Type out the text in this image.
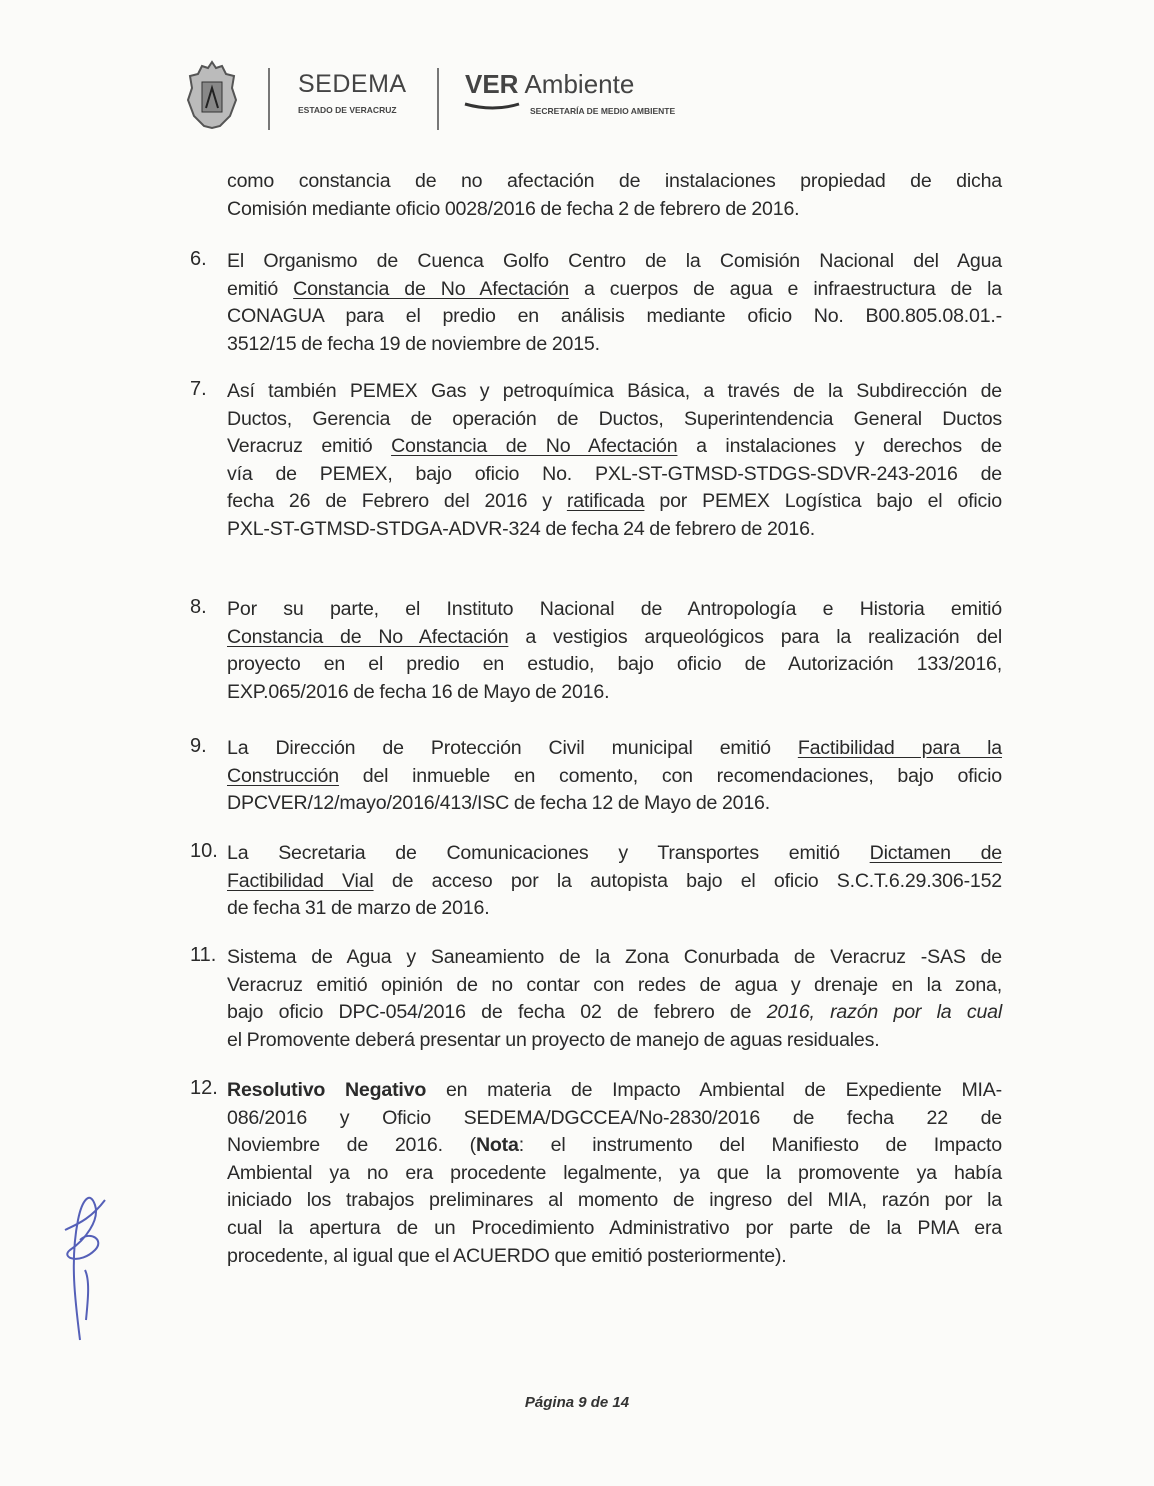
SEDEMA
ESTADO DE VERACRUZ
VER Ambiente
SECRETARÍA DE MEDIO AMBIENTE
como constancia de no afectación de instalaciones propiedad de dicha
Comisión mediante oficio 0028/2016 de fecha 2 de febrero de 2016.
6. El Organismo de Cuenca Golfo Centro de la Comisión Nacional del Agua
emitió Constancia de No Afectación a cuerpos de agua e infraestructura de la
CONAGUA para el predio en análisis mediante oficio No. B00.805.08.01.-
3512/15 de fecha 19 de noviembre de 2015.
7. Así también PEMEX Gas y petroquímica Básica, a través de la Subdirección de
Ductos, Gerencia de operación de Ductos, Superintendencia General Ductos
Veracruz emitió Constancia de No Afectación a instalaciones y derechos de
vía de PEMEX, bajo oficio No. PXL-ST-GTMSD-STDGS-SDVR-243-2016 de
fecha 26 de Febrero del 2016 y ratificada por PEMEX Logística bajo el oficio
PXL-ST-GTMSD-STDGA-ADVR-324 de fecha 24 de febrero de 2016.
8. Por su parte, el Instituto Nacional de Antropología e Historia emitió
Constancia de No Afectación a vestigios arqueológicos para la realización del
proyecto en el predio en estudio, bajo oficio de Autorización 133/2016,
EXP.065/2016 de fecha 16 de Mayo de 2016.
9. La Dirección de Protección Civil municipal emitió Factibilidad para la
Construcción del inmueble en comento, con recomendaciones, bajo oficio
DPCVER/12/mayo/2016/413/ISC de fecha 12 de Mayo de 2016.
10. La Secretaria de Comunicaciones y Transportes emitió Dictamen de
Factibilidad Vial de acceso por la autopista bajo el oficio S.C.T.6.29.306-152
de fecha 31 de marzo de 2016.
11. Sistema de Agua y Saneamiento de la Zona Conurbada de Veracruz -SAS de
Veracruz emitió opinión de no contar con redes de agua y drenaje en la zona,
bajo oficio DPC-054/2016 de fecha 02 de febrero de 2016, razón por la cual
el Promovente deberá presentar un proyecto de manejo de aguas residuales.
12. Resolutivo Negativo en materia de Impacto Ambiental de Expediente MIA-
086/2016 y Oficio SEDEMA/DGCCEA/No-2830/2016 de fecha 22 de
Noviembre de 2016. (Nota: el instrumento del Manifiesto de Impacto
Ambiental ya no era procedente legalmente, ya que la promovente ya había
iniciado los trabajos preliminares al momento de ingreso del MIA, razón por la
cual la apertura de un Procedimiento Administrativo por parte de la PMA era
procedente, al igual que el ACUERDO que emitió posteriormente).
Página 9 de 14
